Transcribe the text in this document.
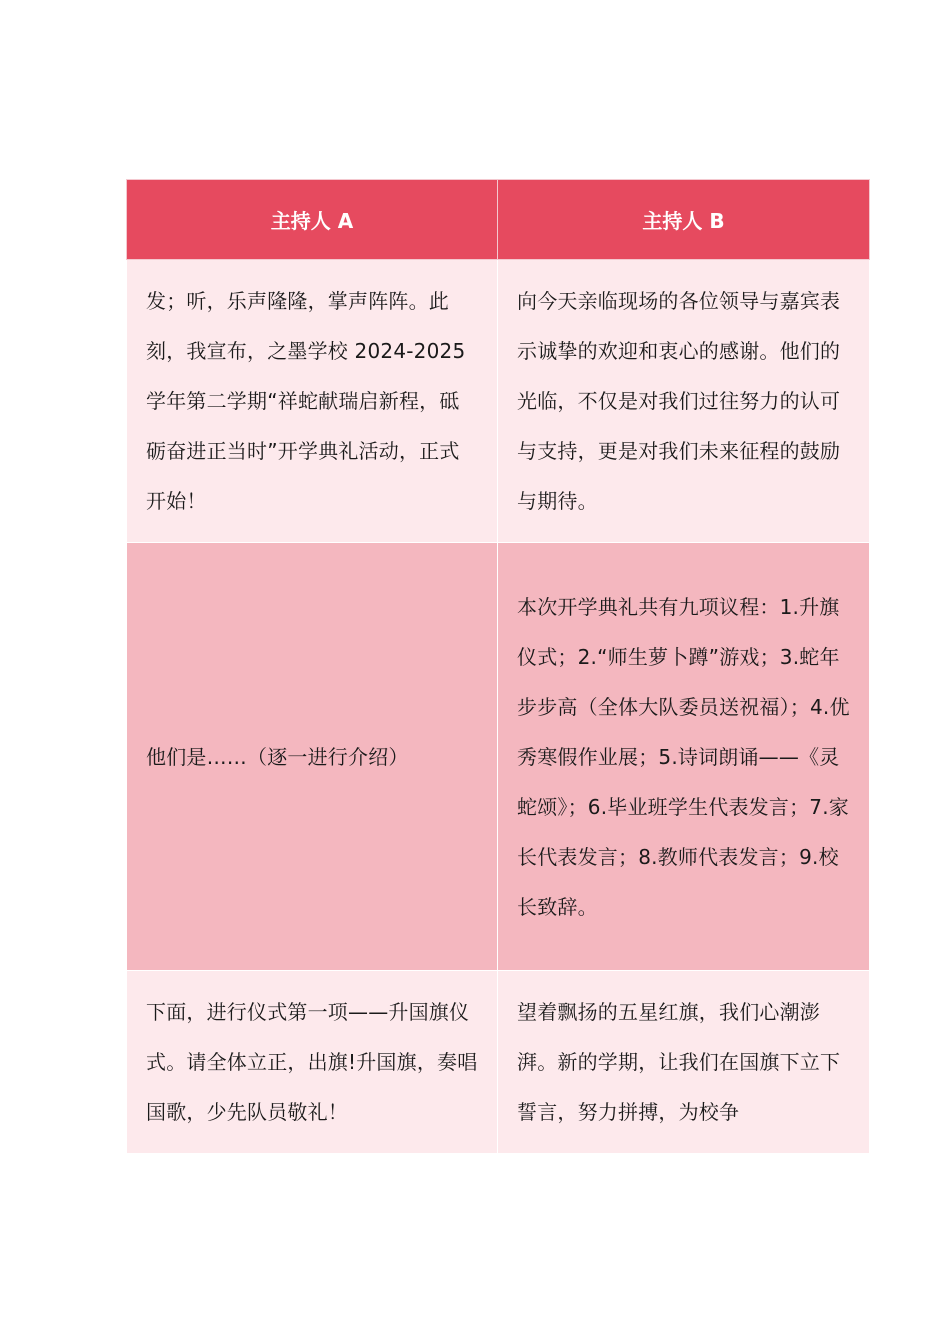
主持人 A	主持人 B
发；听，乐声隆隆，掌声阵阵。此刻，我宣布，之墨学校 2024-2025 学年第二学期“祥蛇献瑞启新程，砥砺奋进正当时”开学典礼活动，正式开始！	向今天亲临现场的各位领导与嘉宾表示诚挚的欢迎和衷心的感谢。他们的光临，不仅是对我们过往努力的认可与支持，更是对我们未来征程的鼓励与期待。
他们是……（逐一进行介绍）	本次开学典礼共有九项议程：1.升旗仪式；2.“师生萝卜蹲”游戏；3.蛇年步步高（全体大队委员送祝福）；4.优秀寒假作业展；5.诗词朗诵——《灵蛇颂》；6.毕业班学生代表发言；7.家长代表发言；8.教师代表发言；9.校长致辞。
下面，进行仪式第一项——升国旗仪式。请全体立正，出旗!升国旗，奏唱国歌，少先队员敬礼！	望着飘扬的五星红旗，我们心潮澎湃。新的学期，让我们在国旗下立下誓言，努力拼搏，为校争
